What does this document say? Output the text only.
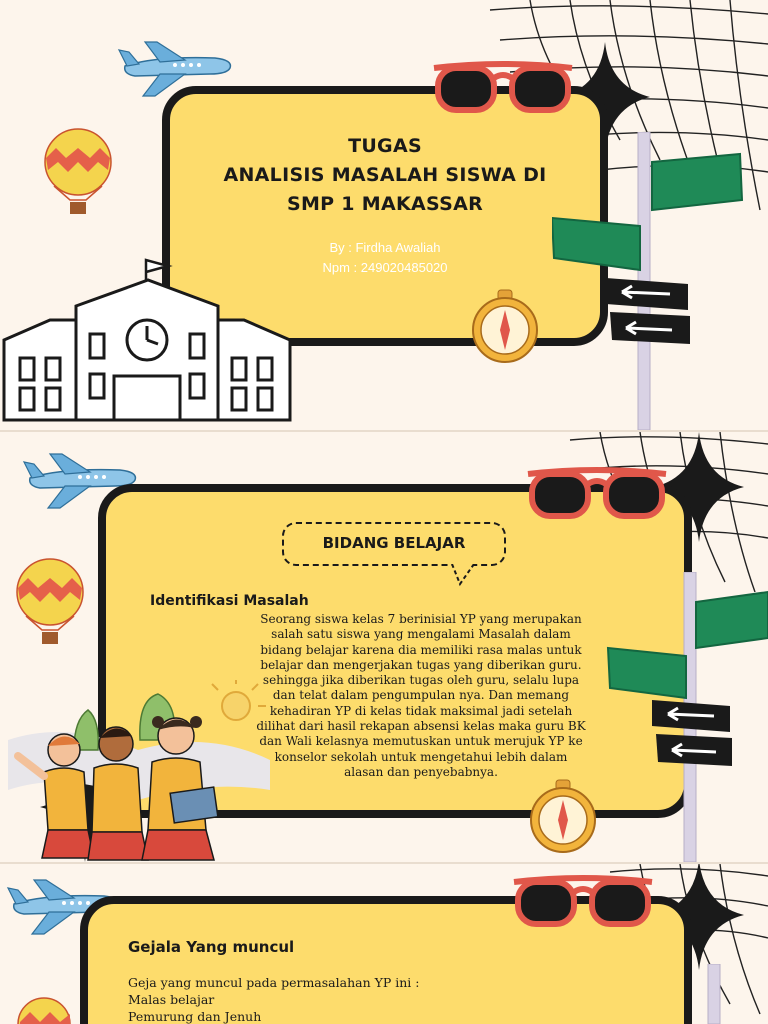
TUGAS
ANALISIS MASALAH SISWA DI
SMP 1 MAKASSAR
By : Firdha Awaliah
Npm : 249020485020
BIDANG BELAJAR
Identifikasi Masalah
Seorang siswa kelas 7 berinisial YP yang merupakan
salah satu siswa yang mengalami Masalah dalam
bidang belajar karena dia memiliki rasa malas untuk
belajar dan mengerjakan tugas yang diberikan guru.
sehingga jika diberikan tugas oleh guru, selalu lupa
dan telat dalam pengumpulan nya. Dan memang
kehadiran YP di kelas tidak maksimal jadi setelah
dilihat dari hasil rekapan absensi kelas maka guru BK
dan Wali kelasnya memutuskan untuk merujuk YP ke
konselor sekolah untuk mengetahui lebih dalam
alasan dan penyebabnya.
Gejala Yang muncul
Geja yang muncul pada permasalahan YP ini :
Malas belajar
Pemurung dan Jenuh
